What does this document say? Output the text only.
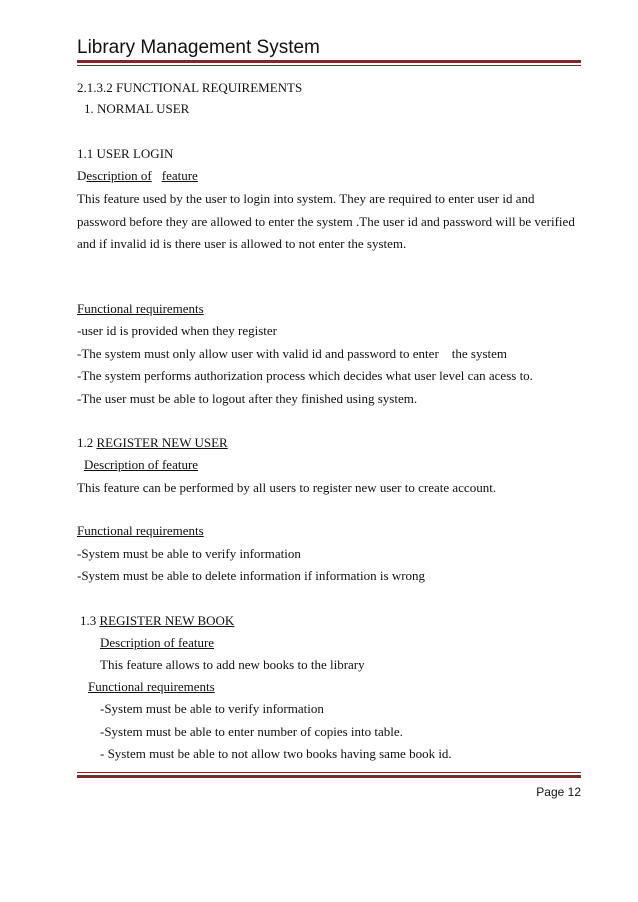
Library Management System
2.1.3.2 FUNCTIONAL REQUIREMENTS
1. NORMAL USER
1.1 USER LOGIN
Description of feature
This feature used by the user to login into system. They are required to enter user id and
password before they are allowed to enter the system .The user id and password will be verified
and if invalid id is there user is allowed to not enter the system.
Functional requirements
-user id is provided when they register
-The system must only allow user with valid id and password to enter    the system
-The system performs authorization process which decides what user level can acess to.
-The user must be able to logout after they finished using system.
1.2 REGISTER NEW USER
Description of feature
This feature can be performed by all users to register new user to create account.
Functional requirements
-System must be able to verify information
-System must be able to delete information if information is wrong
1.3 REGISTER NEW BOOK
Description of feature
This feature allows to add new books to the library
Functional requirements
-System must be able to verify information
-System must be able to enter number of copies into table.
- System must be able to not allow two books having same book id.
Page 12
